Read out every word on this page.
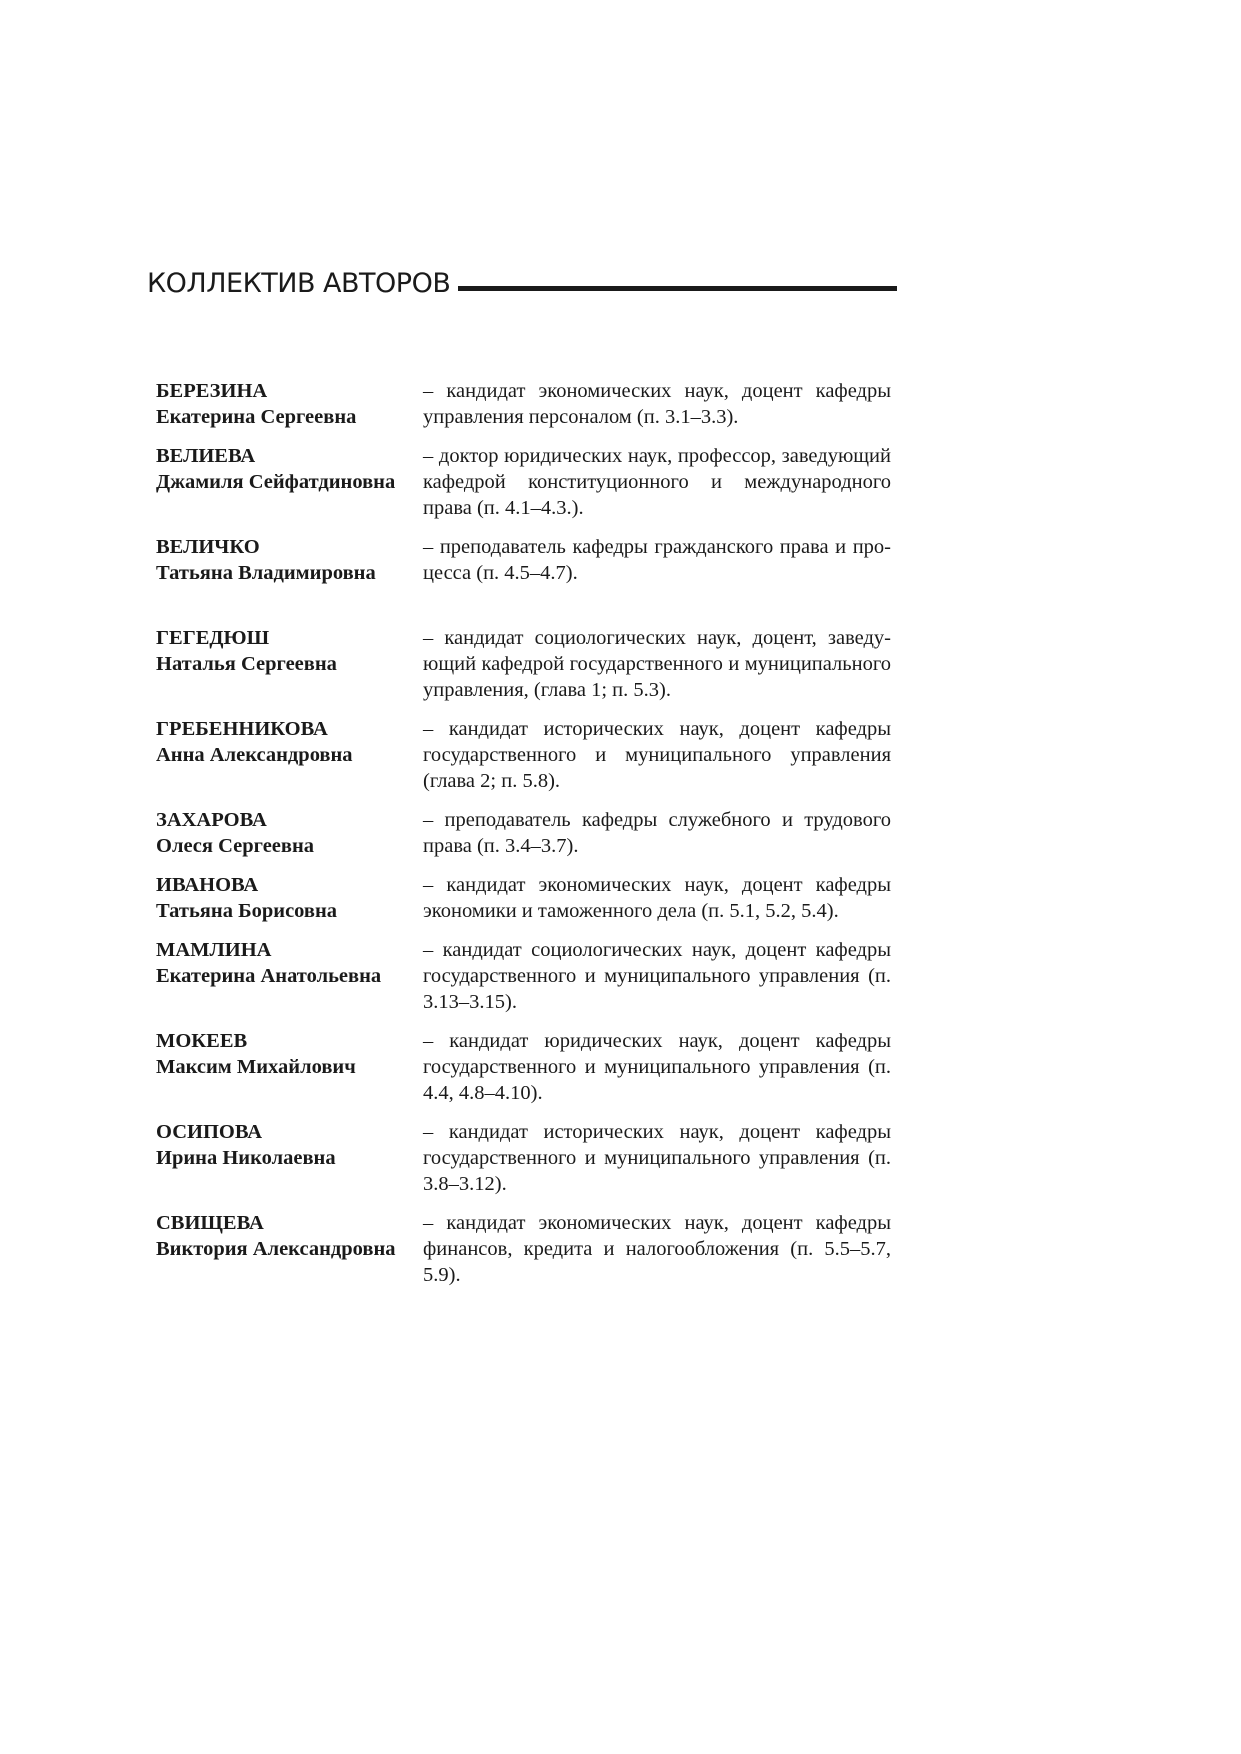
КОЛЛЕКТИВ АВТОРОВ
БЕРЕЗИНА
Екатерина Сергеевна
– кандидат экономических наук, доцент кафедры управления персоналом (п. 3.1–3.3).
ВЕЛИЕВА
Джамиля Сейфатдиновна
– доктор юридических наук, профессор, заведующий кафедрой конституционного и международного права (п. 4.1–4.3.).
ВЕЛИЧКО
Татьяна Владимировна
– преподаватель кафедры гражданского права и процесса (п. 4.5–4.7).
ГЕГЕДЮШ
Наталья Сергеевна
– кандидат социологических наук, доцент, заведующий кафедрой государственного и муниципального управления, (глава 1; п. 5.3).
ГРЕБЕННИКОВА
Анна Александровна
– кандидат исторических наук, доцент кафедры государственного и муниципального управления (глава 2; п. 5.8).
ЗАХАРОВА
Олеся Сергеевна
– преподаватель кафедры служебного и трудового права (п. 3.4–3.7).
ИВАНОВА
Татьяна Борисовна
– кандидат экономических наук, доцент кафедры экономики и таможенного дела (п. 5.1, 5.2, 5.4).
МАМЛИНА
Екатерина Анатольевна
– кандидат социологических наук, доцент кафедры государственного и муниципального управления (п. 3.13–3.15).
МОКЕЕВ
Максим Михайлович
– кандидат юридических наук, доцент кафедры государственного и муниципального управления (п. 4.4, 4.8–4.10).
ОСИПОВА
Ирина Николаевна
– кандидат исторических наук, доцент кафедры государственного и муниципального управления (п. 3.8–3.12).
СВИЩЕВА
Виктория Александровна
– кандидат экономических наук, доцент кафедры финансов, кредита и налогообложения (п. 5.5–5.7, 5.9).
